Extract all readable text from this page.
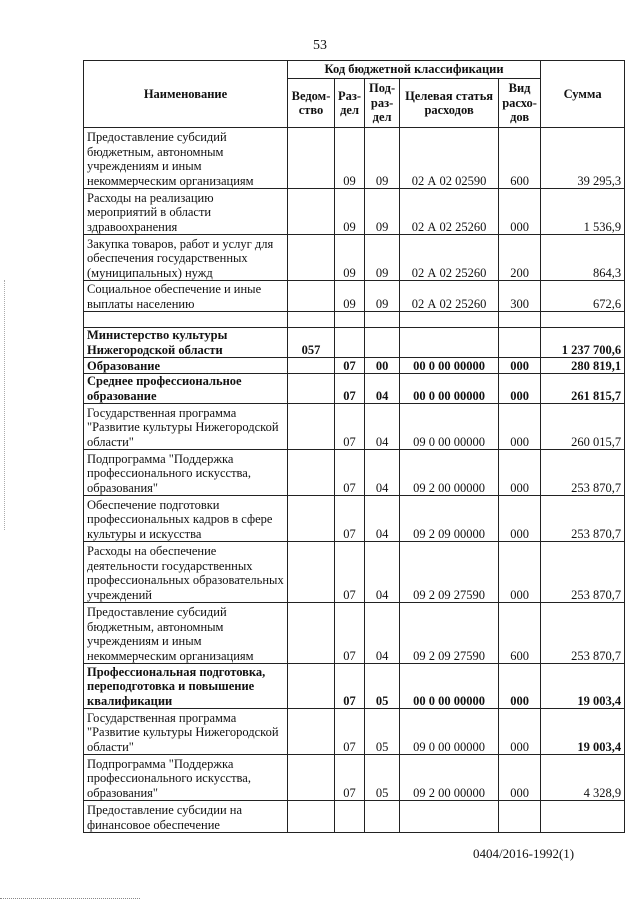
53
Наименование	Код бюджетной классификации					Сумма
	Ведом-ство	Раз-дел	Под-раз-дел	Целевая статья расходов	Вид расхо-дов	
Предоставление субсидий бюджетным, автономным учреждениям и иным некоммерческим организациям		09	09	02 А 02 02590	600	39 295,3
Расходы на реализацию мероприятий в области здравоохранения		09	09	02 А 02 25260	000	1 536,9
Закупка товаров, работ и услуг для обеспечения государственных (муниципальных) нужд		09	09	02 А 02 25260	200	864,3
Социальное обеспечение и иные выплаты населению		09	09	02 А 02 25260	300	672,6

Министерство культуры Нижегородской области	057					1 237 700,6
Образование		07	00	00 0 00 00000	000	280 819,1
Среднее профессиональное образование		07	04	00 0 00 00000	000	261 815,7
Государственная программа "Развитие культуры Нижегородской области"		07	04	09 0 00 00000	000	260 015,7
Подпрограмма "Поддержка профессионального искусства, образования"		07	04	09 2 00 00000	000	253 870,7
Обеспечение подготовки профессиональных кадров в сфере культуры и искусства		07	04	09 2 09 00000	000	253 870,7
Расходы на обеспечение деятельности государственных профессиональных образовательных учреждений		07	04	09 2 09 27590	000	253 870,7
Предоставление субсидий бюджетным, автономным учреждениям и иным некоммерческим организациям		07	04	09 2 09 27590	600	253 870,7
Профессиональная подготовка, переподготовка и повышение квалификации		07	05	00 0 00 00000	000	19 003,4
Государственная программа "Развитие культуры Нижегородской области"		07	05	09 0 00 00000	000	19 003,4
Подпрограмма "Поддержка профессионального искусства, образования"		07	05	09 2 00 00000	000	4 328,9
Предоставление субсидии на финансовое обеспечение						
0404/2016-1992(1)
